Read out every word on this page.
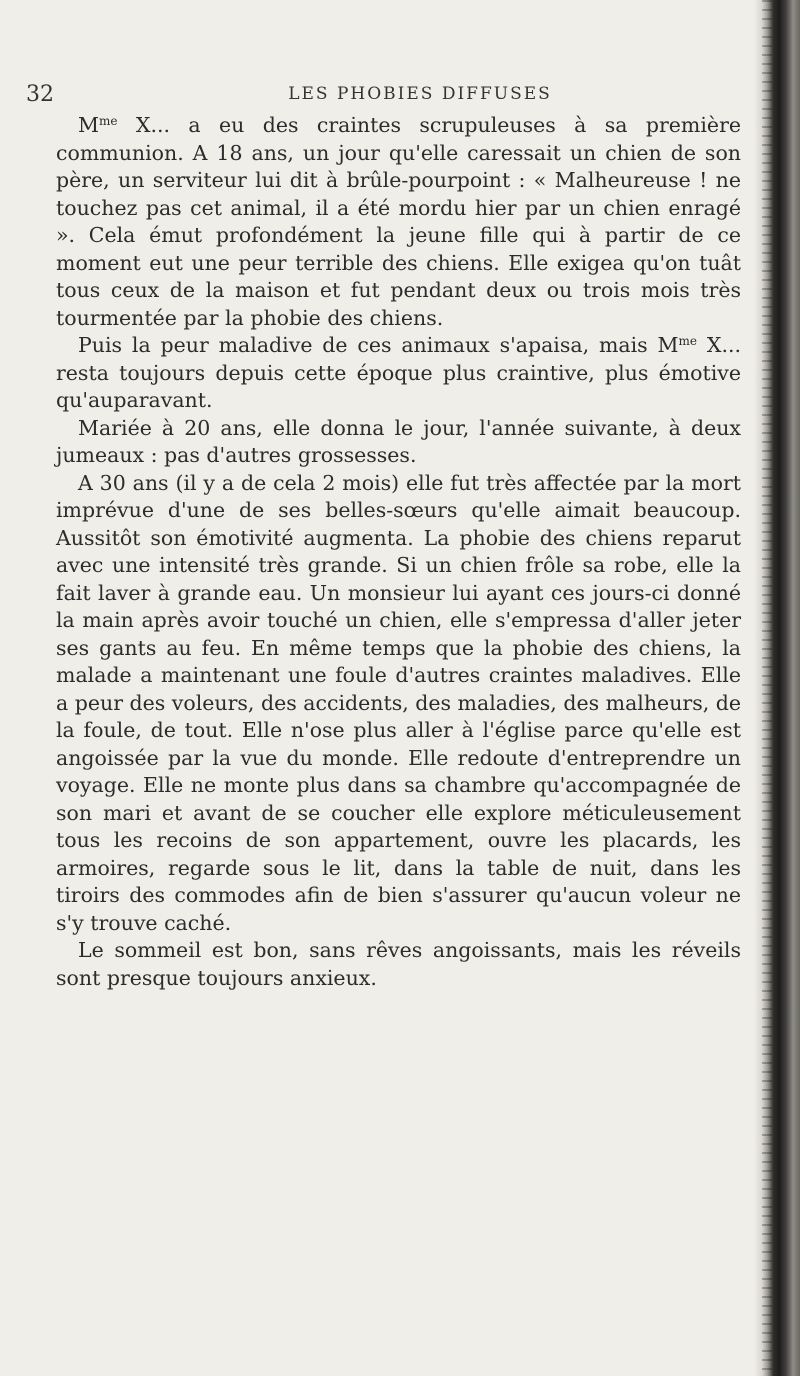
32	LES PHOBIES DIFFUSES

$M^{me}$ X... a eu des craintes scrupuleuses à sa première communion. A 18 ans, un jour qu'elle caressait un chien de son père, un serviteur lui dit à brûle-pourpoint : « Malheureuse ! ne touchez pas cet animal, il a été mordu hier par un chien enragé ». Cela émut profondément la jeune fille qui à partir de ce moment eut une peur terrible des chiens. Elle exigea qu'on tuât tous ceux de la maison et fut pendant deux ou trois mois très tourmentée par la phobie des chiens.

Puis la peur maladive de ces animaux s'apaisa, mais $M^{me}$ X... resta toujours depuis cette époque plus craintive, plus émotive qu'auparavant.

Mariée à 20 ans, elle donna le jour, l'année suivante, à deux jumeaux : pas d'autres grossesses.

A 30 ans (il y a de cela 2 mois) elle fut très affectée par la mort imprévue d'une de ses belles-sœurs qu'elle aimait beaucoup. Aussitôt son émotivité augmenta. La phobie des chiens reparut avec une intensité très grande. Si un chien frôle sa robe, elle la fait laver à grande eau. Un monsieur lui ayant ces jours-ci donné la main après avoir touché un chien, elle s'empressa d'aller jeter ses gants au feu. En même temps que la phobie des chiens, la malade a maintenant une foule d'autres craintes maladives. Elle a peur des voleurs, des accidents, des maladies, des malheurs, de la foule, de tout. Elle n'ose plus aller à l'église parce qu'elle est angoissée par la vue du monde. Elle redoute d'entreprendre un voyage. Elle ne monte plus dans sa chambre qu'accompagnée de son mari et avant de se coucher elle explore méticuleusement tous les recoins de son appartement, ouvre les placards, les armoires, regarde sous le lit, dans la table de nuit, dans les tiroirs des commodes afin de bien s'assurer qu'aucun voleur ne s'y trouve caché.

Le sommeil est bon, sans rêves angoissants, mais les réveils sont presque toujours anxieux.
